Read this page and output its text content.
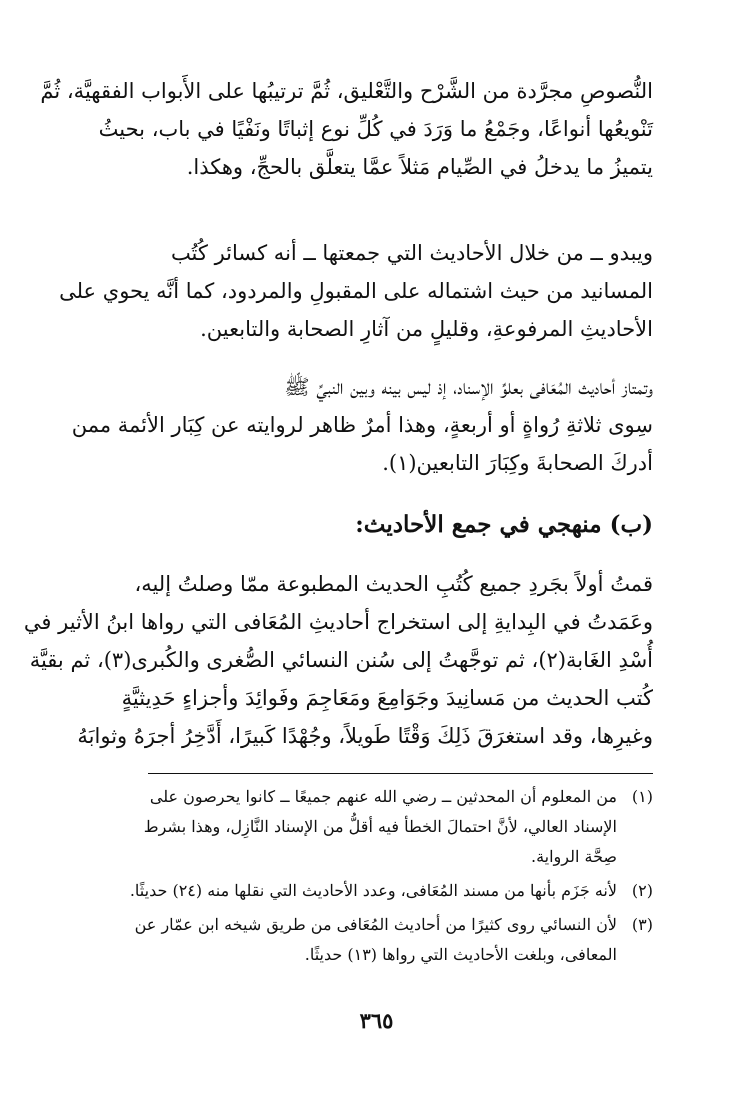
النُّصوصِ مجرَّدة من الشَّرْح والتَّعْليق، ثُمَّ ترتيبُها على الأَبواب الفقهيَّة، ثُمَّ
تَنْويعُها أنواعًا، وجَمْعُ ما وَرَدَ في كُلِّ نوع إثباتًا ونَفْيًا في باب، بحيثُ
يتميزُ ما يدخلُ في الصِّيام مَثلاً عمَّا يتعلَّق بالحجِّ، وهكذا.
ويبدو ــ من خلال الأحاديث التي جمعتها ــ أنه كسائر كُتُب
المسانيد من حيث اشتماله على المقبولِ والمردود، كما أنَّه يحوي على
الأحاديثِ المرفوعةِ، وقليلٍ من آثارِ الصحابة والتابعين.
وتمتاز أحاديث المُعَافى بعلوِّ الإسناد، إذ ليس بينه وبين النبيِّ ﷺ
سِوى ثلاثةِ رُواةٍ أو أربعةٍ، وهذا أمرٌ ظاهر لروايته عن كِبَار الأئمة ممن
أدركَ الصحابةَ وكِبَارَ التابعين(١).
(ب) منهجي في جمع الأحاديث:
قمتُ أولاً بجَردِ جميع كُتُبِ الحديث المطبوعة ممّا وصلتُ إليه،
وعَمَدتُ في البِدايةِ إلى استخراج أحاديثِ المُعَافى التي رواها ابنُ الأثير في
أُسْدِ الغَابة(٢)، ثم توجَّهتُ إلى سُنن النسائي الصُّغرى والكُبرى(٣)، ثم بقيَّة
كُتب الحديث من مَسانِيدَ وجَوَامِعَ ومَعَاجِمَ وفَوائِدَ وأجزاءٍ حَدِيثيَّةٍ
وغيرِها، وقد استغرَقَ ذَلِكَ وَقْتًا طَويلاً، وجُهْدًا كَبيرًا، أَدَّخِرُ أجرَهُ وثوابَهُ
(١)
من المعلوم أن المحدثين ــ رضي الله عنهم جميعًا ــ كانوا يحرصون على
الإسناد العالي، لأنَّ احتمالَ الخطأ فيه أقلُّ من الإسناد النَّازِل، وهذا بشرط
صِحَّة الرواية.
(٢)
لأنه جَزَم بأنها من مسند المُعَافى، وعدد الأحاديث التي نقلها منه (٢٤) حديثًا.
(٣)
لأن النسائي روى كثيرًا من أحاديث المُعَافى من طريق شيخه ابن عمّار عن
المعافى، وبلغت الأحاديث التي رواها (١٣) حديثًا.
٣٦٥
